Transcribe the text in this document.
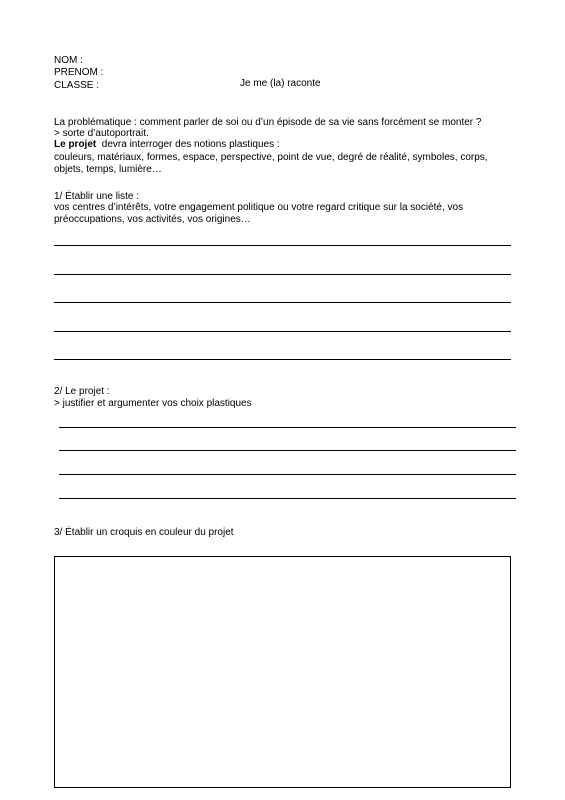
NOM :
PRENOM :
CLASSE :	Je me (la) raconte
La problématique : comment parler de soi ou d’un épisode de sa vie sans forcément se monter ?
> sorte d’autoportrait.
Le projet  devra interroger des notions plastiques :
couleurs, matériaux, formes, espace, perspective, point de vue, degré de réalité, symboles, corps,
objets, temps, lumière…
1/ Établir une liste :
vos centres d’intérêts, votre engagement politique ou votre regard critique sur la société, vos
préoccupations, vos activités, vos origines…
2/ Le projet :
> justifier et argumenter vos choix plastiques
3/ Établir un croquis en couleur du projet
